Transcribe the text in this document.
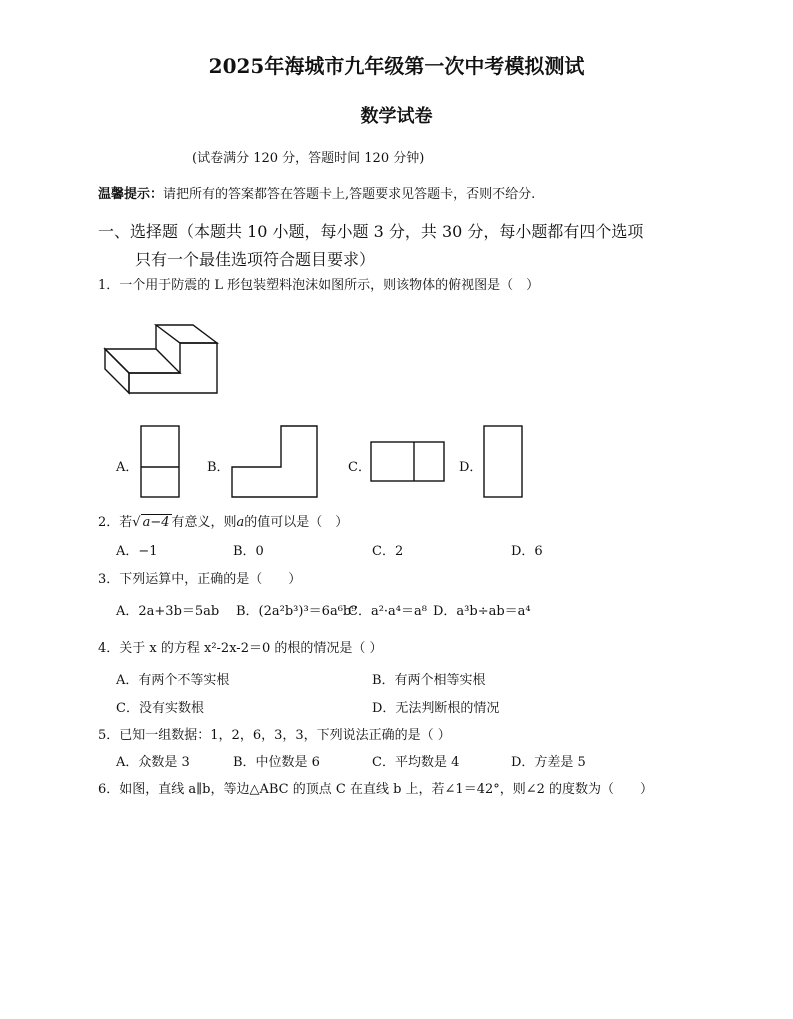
2025年海城市九年级第一次中考模拟测试
数学试卷
(试卷满分 120 分，答题时间 120 分钟)
温馨提示：请把所有的答案都答在答题卡上,答题要求见答题卡，否则不给分.
一、选择题（本题共 10 小题，每小题 3 分，共 30 分，每小题都有四个选项
只有一个最佳选项符合题目要求）
1．一个用于防震的 L 形包装塑料泡沫如图所示，则该物体的俯视图是（　）
A．	B．	C．	D．
2．若√ a−4 有意义，则a的值可以是（　）
A．−1	B．0	C．2	D．6
3．下列运算中，正确的是（　　）
A．2a+3b＝5ab B．(2a²b³)³＝6a⁶b⁹
C．a²·a⁴＝a⁸ D．a³b÷ab＝a⁴
4．关于 x 的方程 x²-2x-2＝0 的根的情况是（ ）
A．有两个不等实根	B．有两个相等实根
C．没有实数根	D．无法判断根的情况
5．已知一组数据：1，2，6，3，3，下列说法正确的是（ ）
A．众数是 3	B．中位数是 6	C．平均数是 4	D．方差是 5
6．如图，直线 a∥b，等边△ABC 的顶点 C 在直线 b 上，若∠1＝42°，则∠2 的度数为（　　）
